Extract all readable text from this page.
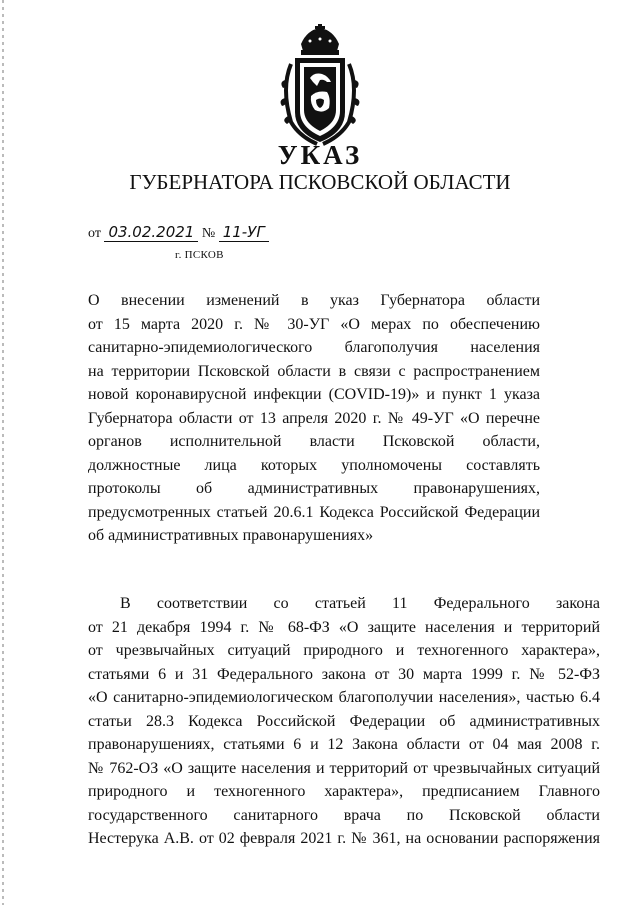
УКАЗ
ГУБЕРНАТОРА ПСКОВСКОЙ ОБЛАСТИ
от 03.02.2021 № 11-УГ
г. ПСКОВ
О внесении изменений в указ Губернатора области
от 15 марта 2020 г. № 30-УГ «О мерах по обеспечению
санитарно-эпидемиологического благополучия населения
на территории Псковской области в связи с распространением
новой коронавирусной инфекции (COVID-19)» и пункт 1 указа
Губернатора области от 13 апреля 2020 г. № 49-УГ «О перечне
органов исполнительной власти Псковской области,
должностные лица которых уполномочены составлять
протоколы об административных правонарушениях,
предусмотренных статьей 20.6.1 Кодекса Российской Федерации
об административных правонарушениях»
В соответствии со статьей 11 Федерального закона
от 21 декабря 1994 г. № 68-ФЗ «О защите населения и территорий
от чрезвычайных ситуаций природного и техногенного характера»,
статьями 6 и 31 Федерального закона от 30 марта 1999 г. № 52-ФЗ
«О санитарно-эпидемиологическом благополучии населения», частью 6.4
статьи 28.3 Кодекса Российской Федерации об административных
правонарушениях, статьями 6 и 12 Закона области от 04 мая 2008 г.
№ 762-ОЗ «О защите населения и территорий от чрезвычайных ситуаций
природного и техногенного характера», предписанием Главного
государственного санитарного врача по Псковской области
Нестерука А.В. от 02 февраля 2021 г. № 361, на основании распоряжения
